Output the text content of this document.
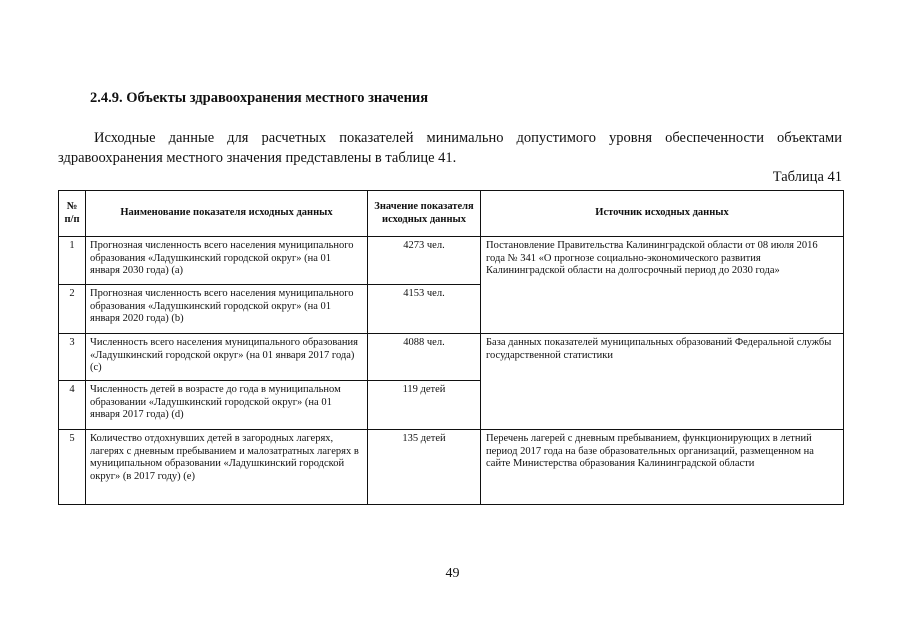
2.4.9. Объекты здравоохранения местного значения

Исходные данные для расчетных показателей минимально допустимого уровня обеспеченности объектами здравоохранения местного значения представлены в таблице 41.

Таблица 41
№ п/п	Наименование показателя исходных данных	Значение показателя исходных данных	Источник исходных данных
1	Прогнозная численность всего населения муниципального образования «Ладушкинский городской округ» (на 01 января 2030 года) (a)	4273 чел.	Постановление Правительства Калининградской области от 08 июля 2016 года № 341 «О прогнозе социально-экономического развития Калининградской области на долгосрочный период до 2030 года»
2	Прогнозная численность всего населения муниципального образования «Ладушкинский городской округ» (на 01 января 2020 года) (b)	4153 чел.	
3	Численность всего населения муниципального образования «Ладушкинский городской округ» (на 01 января 2017 года) (c)	4088 чел.	База данных показателей муниципальных образований Федеральной службы государственной статистики
4	Численность детей в возрасте до года в муниципальном образовании «Ладушкинский городской округ» (на 01 января 2017 года) (d)	119 детей	
5	Количество отдохнувших детей в загородных лагерях, лагерях с дневным пребыванием и малозатратных лагерях в муниципальном образовании «Ладушкинский городской округ» (в 2017 году) (e)	135 детей	Перечень лагерей с дневным пребыванием, функционирующих в летний период 2017 года на базе образовательных организаций, размещенном на сайте Министерства образования Калининградской области
49
